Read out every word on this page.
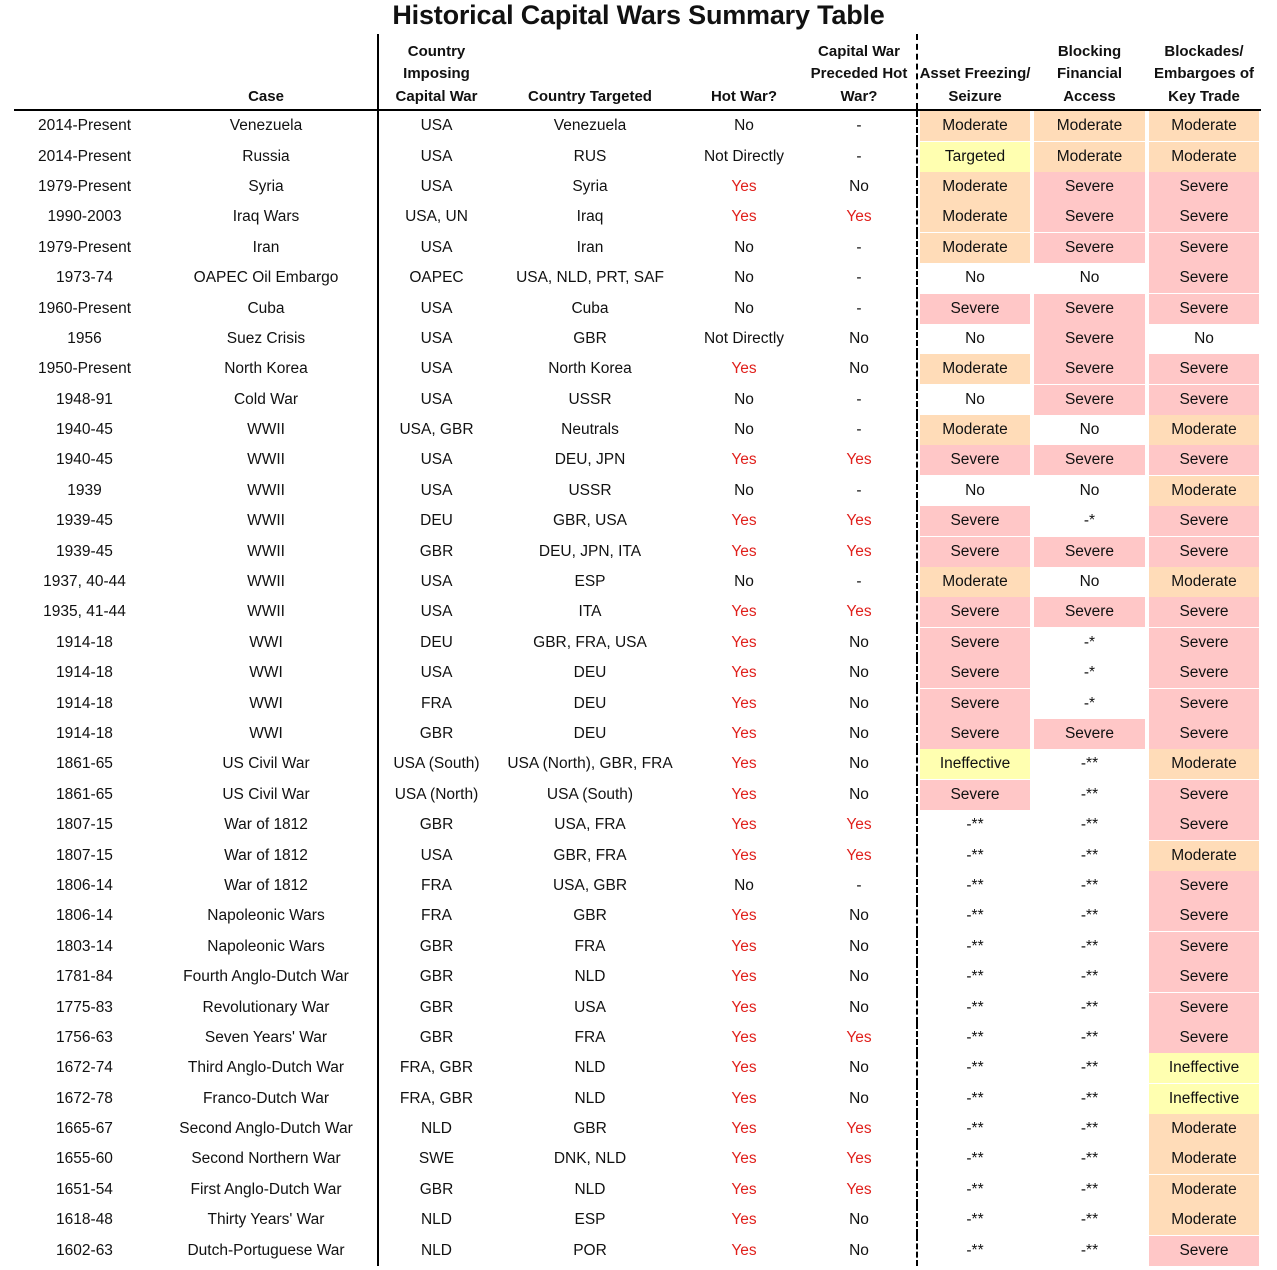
Historical Capital Wars Summary Table
	Case	Country Imposing Capital War	Country Targeted	Hot War?	Capital War Preceded Hot War?	Asset Freezing/ Seizure	Blocking Financial Access	Blockades/ Embargoes of Key Trade
2014-Present	Venezuela	USA	Venezuela	No	-	Moderate	Moderate	Moderate

2014-Present	Russia	USA	RUS	Not Directly	-	Targeted	Moderate	Moderate

1979-Present	Syria	USA	Syria	Yes	No	Moderate	Severe	Severe

1990-2003	Iraq Wars	USA, UN	Iraq	Yes	Yes	Moderate	Severe	Severe

1979-Present	Iran	USA	Iran	No	-	Moderate	Severe	Severe

1973-74	OAPEC Oil Embargo	OAPEC	USA, NLD, PRT, SAF	No	-	No	No	Severe

1960-Present	Cuba	USA	Cuba	No	-	Severe	Severe	Severe

1956	Suez Crisis	USA	GBR	Not Directly	No	No	Severe	No

1950-Present	North Korea	USA	North Korea	Yes	No	Moderate	Severe	Severe

1948-91	Cold War	USA	USSR	No	-	No	Severe	Severe

1940-45	WWII	USA, GBR	Neutrals	No	-	Moderate	No	Moderate

1940-45	WWII	USA	DEU, JPN	Yes	Yes	Severe	Severe	Severe

1939	WWII	USA	USSR	No	-	No	No	Moderate

1939-45	WWII	DEU	GBR, USA	Yes	Yes	Severe	-*	Severe

1939-45	WWII	GBR	DEU, JPN, ITA	Yes	Yes	Severe	Severe	Severe

1937, 40-44	WWII	USA	ESP	No	-	Moderate	No	Moderate

1935, 41-44	WWII	USA	ITA	Yes	Yes	Severe	Severe	Severe

1914-18	WWI	DEU	GBR, FRA, USA	Yes	No	Severe	-*	Severe

1914-18	WWI	USA	DEU	Yes	No	Severe	-*	Severe

1914-18	WWI	FRA	DEU	Yes	No	Severe	-*	Severe

1914-18	WWI	GBR	DEU	Yes	No	Severe	Severe	Severe

1861-65	US Civil War	USA (South)	USA (North), GBR, FRA	Yes	No	Ineffective	-**	Moderate

1861-65	US Civil War	USA (North)	USA (South)	Yes	No	Severe	-**	Severe

1807-15	War of 1812	GBR	USA, FRA	Yes	Yes	-**	-**	Severe

1807-15	War of 1812	USA	GBR, FRA	Yes	Yes	-**	-**	Moderate

1806-14	War of 1812	FRA	USA, GBR	No	-	-**	-**	Severe

1806-14	Napoleonic Wars	FRA	GBR	Yes	No	-**	-**	Severe

1803-14	Napoleonic Wars	GBR	FRA	Yes	No	-**	-**	Severe

1781-84	Fourth Anglo-Dutch War	GBR	NLD	Yes	No	-**	-**	Severe

1775-83	Revolutionary War	GBR	USA	Yes	No	-**	-**	Severe

1756-63	Seven Years' War	GBR	FRA	Yes	Yes	-**	-**	Severe

1672-74	Third Anglo-Dutch War	FRA, GBR	NLD	Yes	No	-**	-**	Ineffective

1672-78	Franco-Dutch War	FRA, GBR	NLD	Yes	No	-**	-**	Ineffective

1665-67	Second Anglo-Dutch War	NLD	GBR	Yes	Yes	-**	-**	Moderate

1655-60	Second Northern War	SWE	DNK, NLD	Yes	Yes	-**	-**	Moderate

1651-54	First Anglo-Dutch War	GBR	NLD	Yes	Yes	-**	-**	Moderate

1618-48	Thirty Years' War	NLD	ESP	Yes	No	-**	-**	Moderate

1602-63	Dutch-Portuguese War	NLD	POR	Yes	No	-**	-**	Severe
